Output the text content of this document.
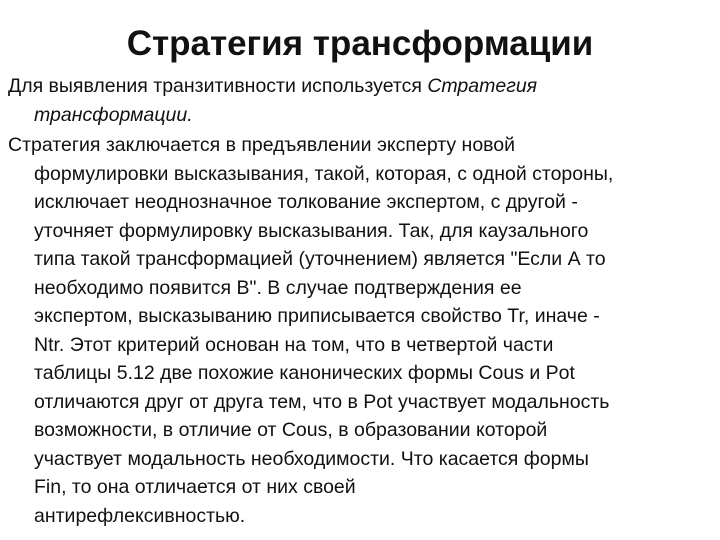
Стратегия трансформации

Для выявления транзитивности используется Стратегия
трансформации.

Стратегия заключается в предъявлении эксперту новой
формулировки высказывания, такой, которая, с одной стороны,
исключает неоднозначное толкование экспертом, с другой -
уточняет формулировку высказывания. Так, для каузального
типа такой трансформацией (уточнением) является "Если А то
необходимо появится В". В случае подтверждения ее
экспертом, высказыванию приписывается свойство Tr, иначе -
Ntr. Этот критерий основан на том, что в четвертой части
таблицы 5.12 две похожие канонических формы Cous и Pot
отличаются друг от друга тем, что в Pot участвует модальность
возможности, в отличие от Cous, в образовании которой
участвует модальность необходимости. Что касается формы
Fin, то она отличается от них своей
антирефлексивностью.
